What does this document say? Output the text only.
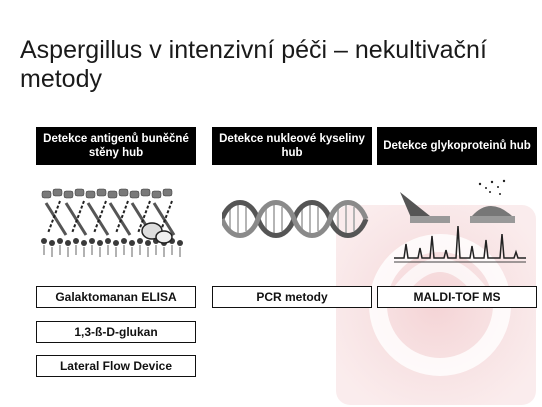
Aspergillus v intenzivní péči – nekultivační metody
Detekce antigenů buněčné stěny hub
Detekce nukleové kyseliny hub
Detekce glykoproteinů hub
Galaktomanan ELISA
1,3-ß-D-glukan
Lateral Flow Device
PCR metody	MALDI-TOF MS
